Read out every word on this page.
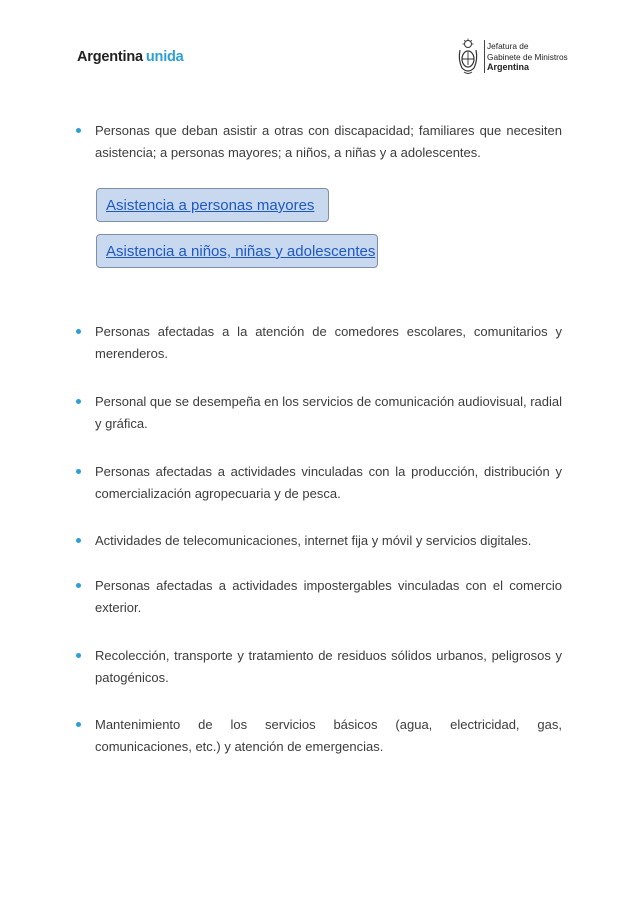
Argentina unida
Jefatura de
Gabinete de Ministros
Argentina
Personas que deban asistir a otras con discapacidad; familiares que necesiten asistencia; a personas mayores; a niños, a niñas y a adolescentes.
Asistencia a personas mayores
Asistencia a niños, niñas y adolescentes
Personas afectadas a la atención de comedores escolares, comunitarios y merenderos.
Personal que se desempeña en los servicios de comunicación audiovisual, radial y gráfica.
Personas afectadas a actividades vinculadas con la producción, distribución y comercialización agropecuaria y de pesca.
Actividades de telecomunicaciones, internet fija y móvil y servicios digitales.
Personas afectadas a actividades impostergables vinculadas con el comercio exterior.
Recolección, transporte y tratamiento de residuos sólidos urbanos, peligrosos y patogénicos.
Mantenimiento de los servicios básicos (agua, electricidad, gas, comunicaciones, etc.) y atención de emergencias.
